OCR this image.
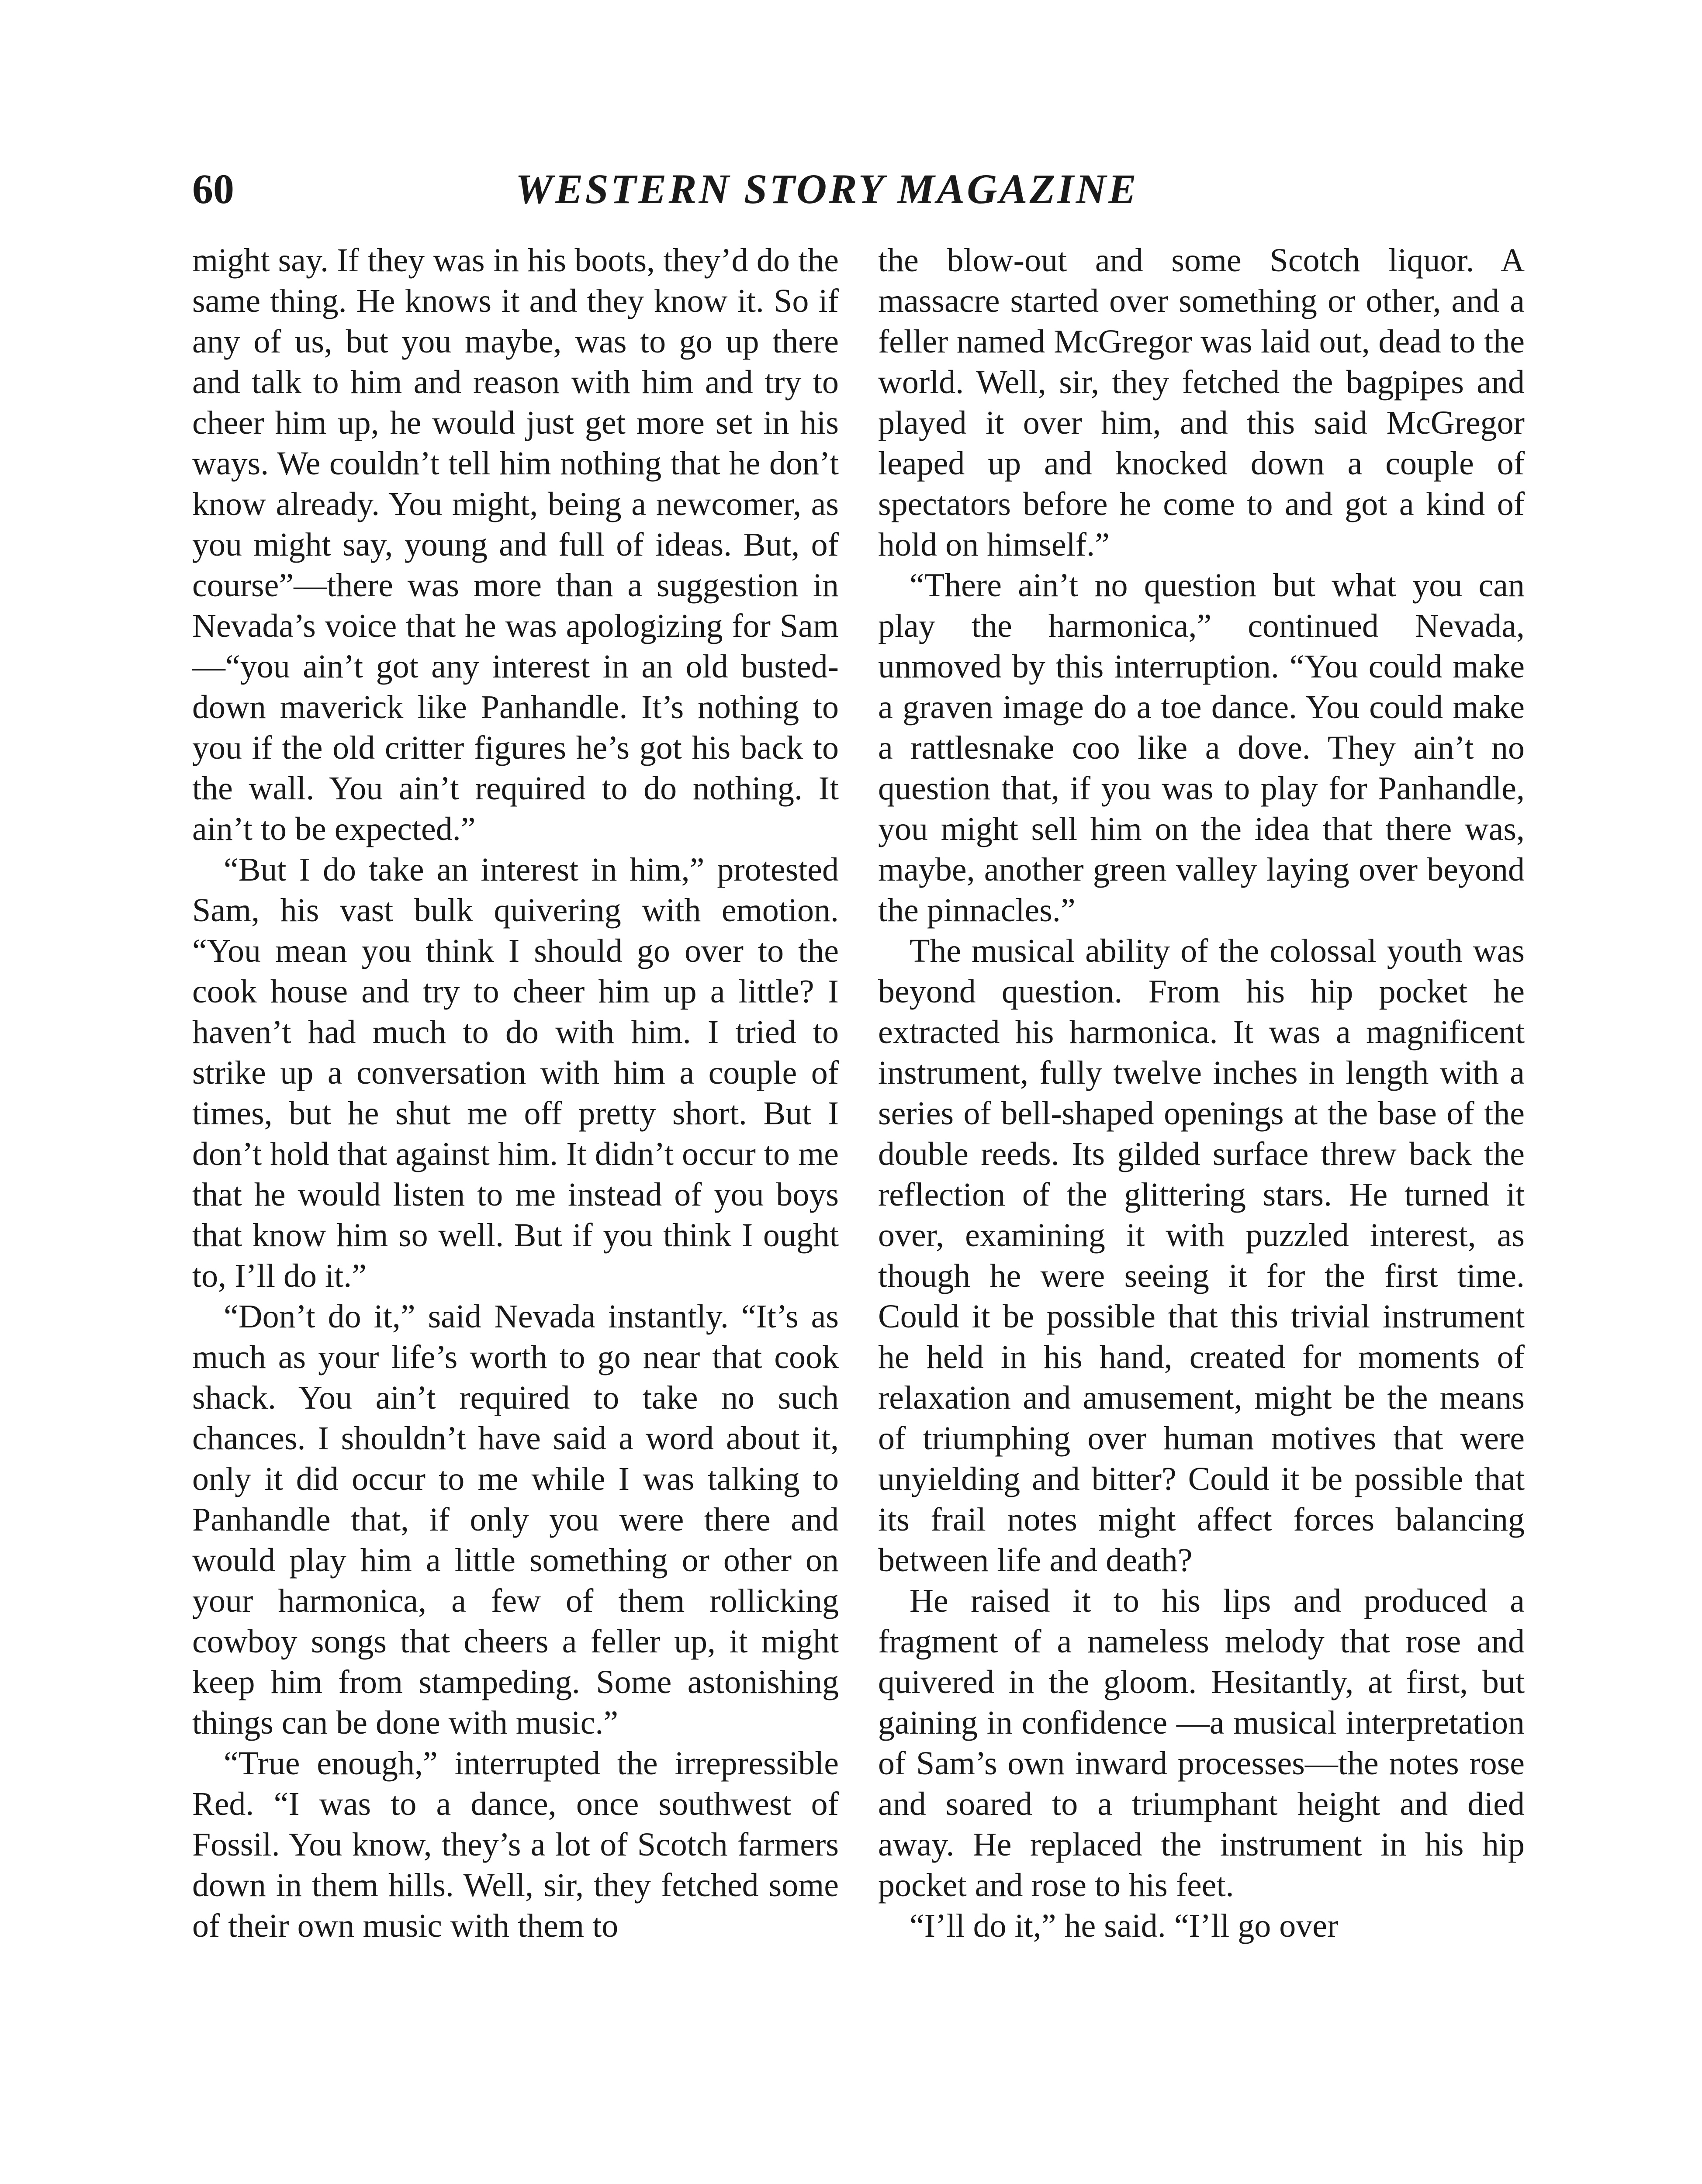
60	WESTERN STORY MAGAZINE

might say. If they was in his boots, they’d do the same thing. He knows it and they know it. So if any of us, but you maybe, was to go up there and talk to him and reason with him and try to cheer him up, he would just get more set in his ways. We couldn’t tell him nothing that he don’t know already. You might, being a newcomer, as you might say, young and full of ideas. But, of course”—there was more than a suggestion in Nevada’s voice that he was apologizing for Sam—“you ain’t got any interest in an old busted-down maverick like Panhandle. It’s nothing to you if the old critter figures he’s got his back to the wall. You ain’t required to do nothing. It ain’t to be expected.”

“But I do take an interest in him,” protested Sam, his vast bulk quivering with emotion. “You mean you think I should go over to the cook house and try to cheer him up a little? I haven’t had much to do with him. I tried to strike up a conversation with him a couple of times, but he shut me off pretty short. But I don’t hold that against him. It didn’t occur to me that he would listen to me instead of you boys that know him so well. But if you think I ought to, I’ll do it.”

“Don’t do it,” said Nevada instantly. “It’s as much as your life’s worth to go near that cook shack. You ain’t required to take no such chances. I shouldn’t have said a word about it, only it did occur to me while I was talking to Panhandle that, if only you were there and would play him a little something or other on your harmonica, a few of them rollicking cowboy songs that cheers a feller up, it might keep him from stampeding. Some astonishing things can be done with music.”

“True enough,” interrupted the irrepressible Red. “I was to a dance, once southwest of Fossil. You know, they’s a lot of Scotch farmers down in them hills. Well, sir, they fetched some of their own music with them to

the blow-out and some Scotch liquor. A massacre started over something or other, and a feller named McGregor was laid out, dead to the world. Well, sir, they fetched the bagpipes and played it over him, and this said McGregor leaped up and knocked down a couple of spectators before he come to and got a kind of hold on himself.”

“There ain’t no question but what you can play the harmonica,” continued Nevada, unmoved by this interruption. “You could make a graven image do a toe dance. You could make a rattlesnake coo like a dove. They ain’t no question that, if you was to play for Panhandle, you might sell him on the idea that there was, maybe, another green valley laying over beyond the pinnacles.”

The musical ability of the colossal youth was beyond question. From his hip pocket he extracted his harmonica. It was a magnificent instrument, fully twelve inches in length with a series of bell-shaped openings at the base of the double reeds. Its gilded surface threw back the reflection of the glittering stars. He turned it over, examining it with puzzled interest, as though he were seeing it for the first time. Could it be possible that this trivial instrument he held in his hand, created for moments of relaxation and amusement, might be the means of triumphing over human motives that were unyielding and bitter? Could it be possible that its frail notes might affect forces balancing between life and death?

He raised it to his lips and produced a fragment of a nameless melody that rose and quivered in the gloom. Hesitantly, at first, but gaining in confidence —a musical interpretation of Sam’s own inward processes—the notes rose and soared to a triumphant height and died away. He replaced the instrument in his hip pocket and rose to his feet.

“I’ll do it,” he said. “I’ll go over
